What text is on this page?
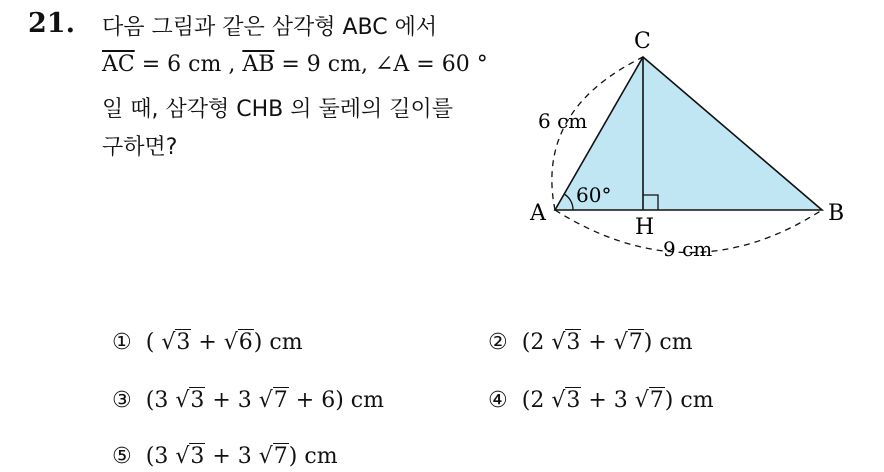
21. 다음 그림과 같은 삼각형 ABC 에서
$\overline{AC} = 6$ cm , $\overline{AB} = 9$ cm, ∠A = 60 °
일 때, 삼각형 CHB 의 둘레의 길이를
구하면?
C
A	B
H
6 cm
9 cm
60°
① ( √3 + √6) cm	② (2 √3 + √7) cm
③ (3 √3 + 3 √7 + 6) cm	④ (2 √3 + 3 √7) cm
⑤ (3 √3 + 3 √7) cm
